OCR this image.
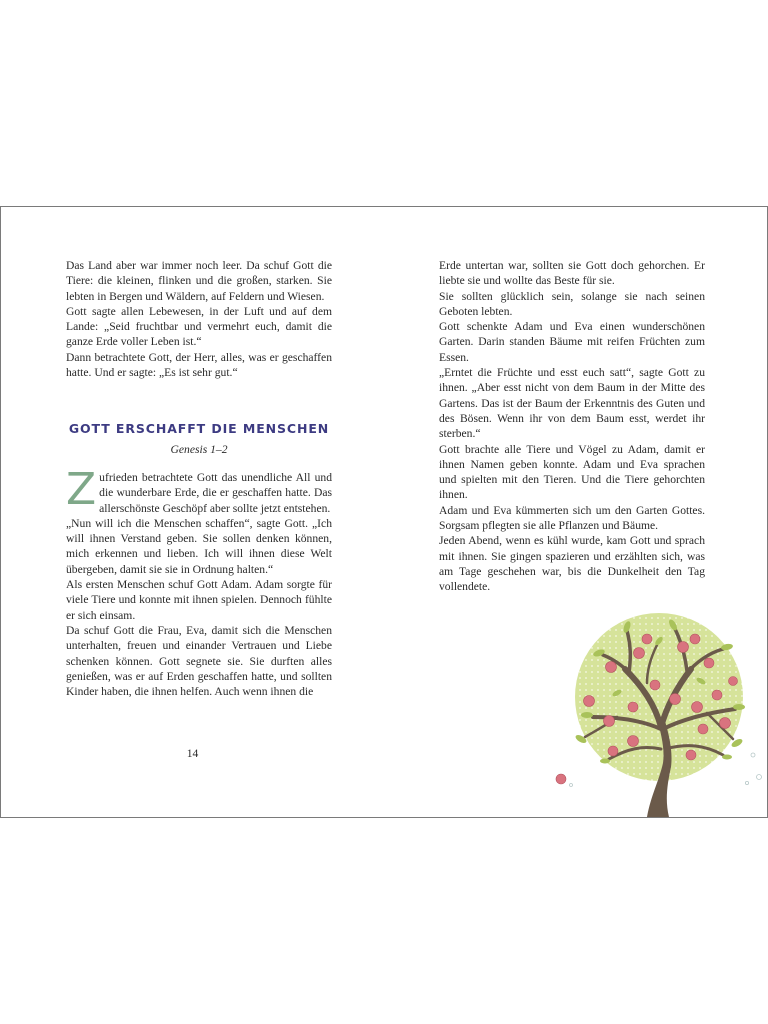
Das Land aber war immer noch leer. Da schuf Gott die Tiere: die kleinen, flinken und die großen, starken. Sie lebten in Bergen und Wäldern, auf Feldern und Wiesen.

Gott sagte allen Lebewesen, in der Luft und auf dem Lande: „Seid fruchtbar und vermehrt euch, damit die ganze Erde voller Leben ist.“

Dann betrachtete Gott, der Herr, alles, was er geschaffen hatte. Und er sagte: „Es ist sehr gut.“

GOTT ERSCHAFFT DIE MENSCHEN
Genesis 1–2

Zufrieden betrachtete Gott das unendliche All und die wunderbare Erde, die er geschaffen hatte. Das allerschönste Geschöpf aber sollte jetzt entstehen.

„Nun will ich die Menschen schaffen“, sagte Gott. „Ich will ihnen Verstand geben. Sie sollen denken können, mich erkennen und lieben. Ich will ihnen diese Welt übergeben, damit sie sie in Ordnung halten.“

Als ersten Menschen schuf Gott Adam. Adam sorgte für viele Tiere und konnte mit ihnen spielen. Dennoch fühlte er sich einsam.

Da schuf Gott die Frau, Eva, damit sich die Menschen unterhalten, freuen und einander Vertrauen und Liebe schenken können. Gott segnete sie. Sie durften alles genießen, was er auf Erden geschaffen hatte, und sollten Kinder haben, die ihnen helfen. Auch wenn ihnen die

14

Erde untertan war, sollten sie Gott doch gehorchen. Er liebte sie und wollte das Beste für sie.

Sie sollten glücklich sein, solange sie nach seinen Geboten lebten.

Gott schenkte Adam und Eva einen wunderschönen Garten. Darin standen Bäume mit reifen Früchten zum Essen.

„Erntet die Früchte und esst euch satt“, sagte Gott zu ihnen. „Aber esst nicht von dem Baum in der Mitte des Gartens. Das ist der Baum der Erkenntnis des Guten und des Bösen. Wenn ihr von dem Baum esst, werdet ihr sterben.“

Gott brachte alle Tiere und Vögel zu Adam, damit er ihnen Namen geben konnte. Adam und Eva sprachen und spielten mit den Tieren. Und die Tiere gehorchten ihnen.

Adam und Eva kümmerten sich um den Garten Gottes. Sorgsam pflegten sie alle Pflanzen und Bäume.

Jeden Abend, wenn es kühl wurde, kam Gott und sprach mit ihnen. Sie gingen spazieren und erzählten sich, was am Tage geschehen war, bis die Dunkelheit den Tag vollendete.
